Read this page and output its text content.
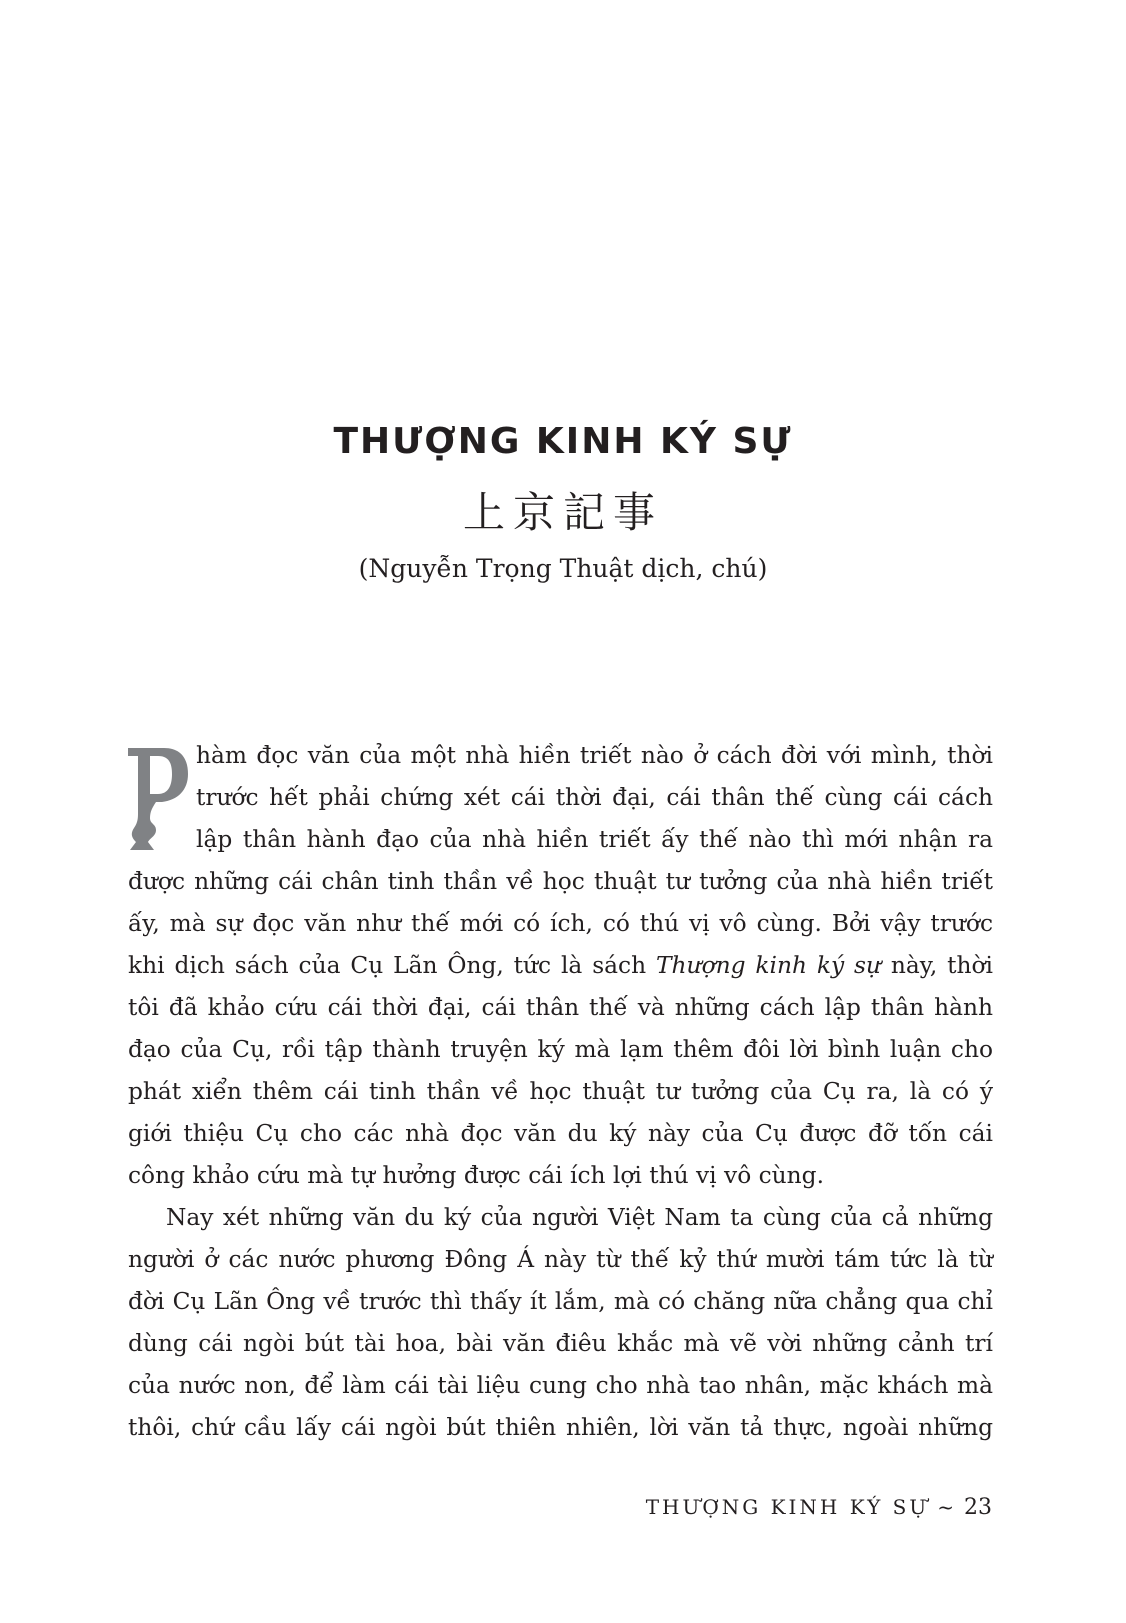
THƯỢNG KINH KÝ SỰ
上京記事
(Nguyễn Trọng Thuật dịch, chú)
hàm đọc văn của một nhà hiền triết nào ở cách đời với mình, thời
trước hết phải chứng xét cái thời đại, cái thân thế cùng cái cách
lập thân hành đạo của nhà hiền triết ấy thế nào thì mới nhận ra
được những cái chân tinh thần về học thuật tư tưởng của nhà hiền triết
ấy, mà sự đọc văn như thế mới có ích, có thú vị vô cùng. Bởi vậy trước
khi dịch sách của Cụ Lãn Ông, tức là sách Thượng kinh ký sự này, thời
tôi đã khảo cứu cái thời đại, cái thân thế và những cách lập thân hành
đạo của Cụ, rồi tập thành truyện ký mà lạm thêm đôi lời bình luận cho
phát xiển thêm cái tinh thần về học thuật tư tưởng của Cụ ra, là có ý
giới thiệu Cụ cho các nhà đọc văn du ký này của Cụ được đỡ tốn cái
công khảo cứu mà tự hưởng được cái ích lợi thú vị vô cùng.
Nay xét những văn du ký của người Việt Nam ta cùng của cả những
người ở các nước phương Đông Á này từ thế kỷ thứ mười tám tức là từ
đời Cụ Lãn Ông về trước thì thấy ít lắm, mà có chăng nữa chẳng qua chỉ
dùng cái ngòi bút tài hoa, bài văn điêu khắc mà vẽ vời những cảnh trí
của nước non, để làm cái tài liệu cung cho nhà tao nhân, mặc khách mà
thôi, chứ cầu lấy cái ngòi bút thiên nhiên, lời văn tả thực, ngoài những
THƯỢNG KINH KÝ SỰ ~ 23
